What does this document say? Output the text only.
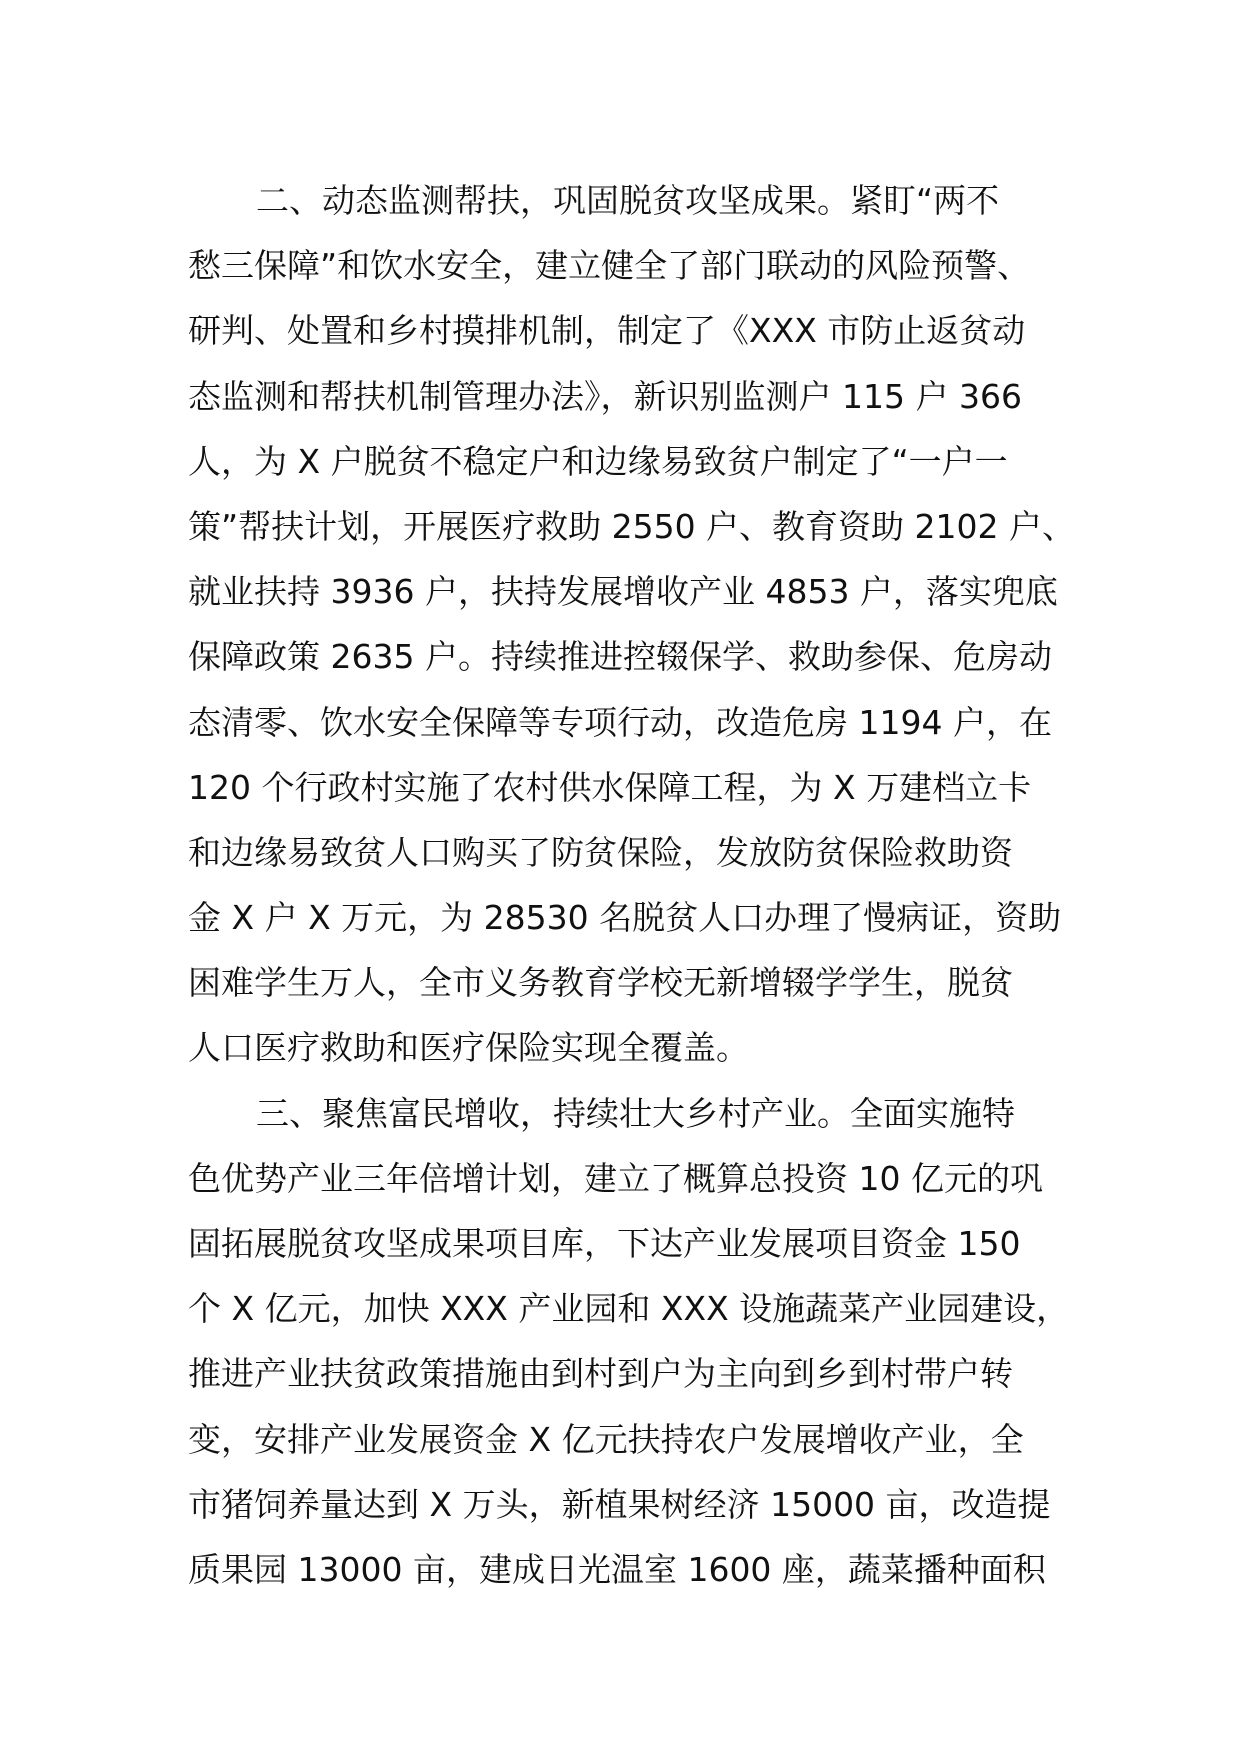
二、动态监测帮扶，巩固脱贫攻坚成果。紧盯“两不
愁三保障”和饮水安全，建立健全了部门联动的风险预警、
研判、处置和乡村摸排机制，制定了《XXX 市防止返贫动
态监测和帮扶机制管理办法》，新识别监测户 115 户 366
人，为 X 户脱贫不稳定户和边缘易致贫户制定了“一户一
策”帮扶计划，开展医疗救助 2550 户、教育资助 2102 户、
就业扶持 3936 户，扶持发展增收产业 4853 户，落实兜底
保障政策 2635 户。持续推进控辍保学、救助参保、危房动
态清零、饮水安全保障等专项行动，改造危房 1194 户，在
120 个行政村实施了农村供水保障工程，为 X 万建档立卡
和边缘易致贫人口购买了防贫保险，发放防贫保险救助资
金 X 户 X 万元，为 28530 名脱贫人口办理了慢病证，资助
困难学生万人，全市义务教育学校无新增辍学学生，脱贫
人口医疗救助和医疗保险实现全覆盖。
三、聚焦富民增收，持续壮大乡村产业。全面实施特
色优势产业三年倍增计划，建立了概算总投资 10 亿元的巩
固拓展脱贫攻坚成果项目库，下达产业发展项目资金 150
个 X 亿元，加快 XXX 产业园和 XXX 设施蔬菜产业园建设，
推进产业扶贫政策措施由到村到户为主向到乡到村带户转
变，安排产业发展资金 X 亿元扶持农户发展增收产业，全
市猪饲养量达到 X 万头，新植果树经济 15000 亩，改造提
质果园 13000 亩，建成日光温室 1600 座，蔬菜播种面积
